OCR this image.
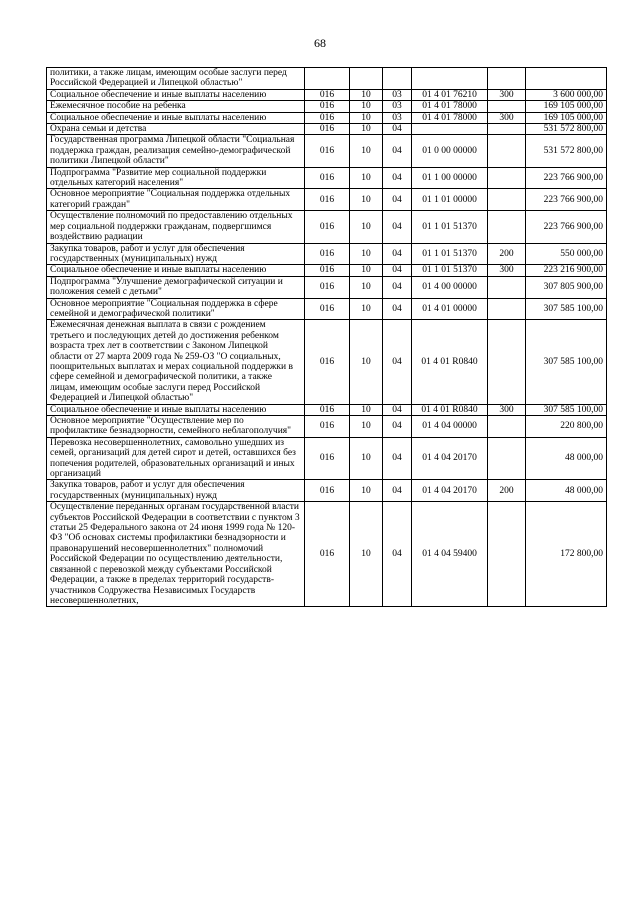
68
политики, а также лицам, имеющим особые заслуги перед Российской Федерацией и Липецкой областью"						
Социальное обеспечение и иные выплаты населению	016	10	03	01 4 01 76210	300	3 600 000,00
Ежемесячное пособие на ребенка	016	10	03	01 4 01 78000		169 105 000,00
Социальное обеспечение и иные выплаты населению	016	10	03	01 4 01 78000	300	169 105 000,00
Охрана семьи и детства	016	10	04			531 572 800,00
Государственная программа Липецкой области "Социальная поддержка граждан, реализация семейно-демографической политики Липецкой области"	016	10	04	01 0 00 00000		531 572 800,00
Подпрограмма "Развитие мер социальной поддержки отдельных категорий населения"	016	10	04	01 1 00 00000		223 766 900,00
Основное мероприятие "Социальная поддержка отдельных категорий граждан"	016	10	04	01 1 01 00000		223 766 900,00
Осуществление полномочий по предоставлению отдельных мер социальной поддержки гражданам, подвергшимся воздействию радиации	016	10	04	01 1 01 51370		223 766 900,00
Закупка товаров, работ и услуг для обеспечения государственных (муниципальных) нужд	016	10	04	01 1 01 51370	200	550 000,00
Социальное обеспечение и иные выплаты населению	016	10	04	01 1 01 51370	300	223 216 900,00
Подпрограмма "Улучшение демографической ситуации и положения семей с детьми"	016	10	04	01 4 00 00000		307 805 900,00
Основное мероприятие "Социальная поддержка в сфере семейной и демографической политики"	016	10	04	01 4 01 00000		307 585 100,00
Ежемесячная денежная выплата в связи с рождением третьего и последующих детей до достижения ребенком возраста трех лет в соответствии с Законом Липецкой области от 27 марта 2009 года № 259-ОЗ "О социальных, поощрительных выплатах и мерах социальной поддержки в сфере семейной и демографической политики, а также лицам, имеющим особые заслуги перед Российской Федерацией и Липецкой областью"	016	10	04	01 4 01 R0840		307 585 100,00
Социальное обеспечение и иные выплаты населению	016	10	04	01 4 01 R0840	300	307 585 100,00
Основное мероприятие "Осуществление мер по профилактике безнадзорности, семейного неблагополучия"	016	10	04	01 4 04 00000		220 800,00
Перевозка несовершеннолетних, самовольно ушедших из семей, организаций для детей сирот и детей, оставшихся без попечения родителей, образовательных организаций и иных организаций	016	10	04	01 4 04 20170		48 000,00
Закупка товаров, работ и услуг для обеспечения государственных (муниципальных) нужд	016	10	04	01 4 04 20170	200	48 000,00
Осуществление переданных органам государственной власти субъектов Российской Федерации в соответствии с пунктом 3 статьи 25 Федерального закона от 24 июня 1999 года № 120-ФЗ "Об основах системы профилактики безнадзорности и правонарушений несовершеннолетних" полномочий Российской Федерации по осуществлению деятельности, связанной с перевозкой между субъектами Российской Федерации, а также в пределах территорий государств-участников Содружества Независимых Государств несовершеннолетних,	016	10	04	01 4 04 59400		172 800,00
